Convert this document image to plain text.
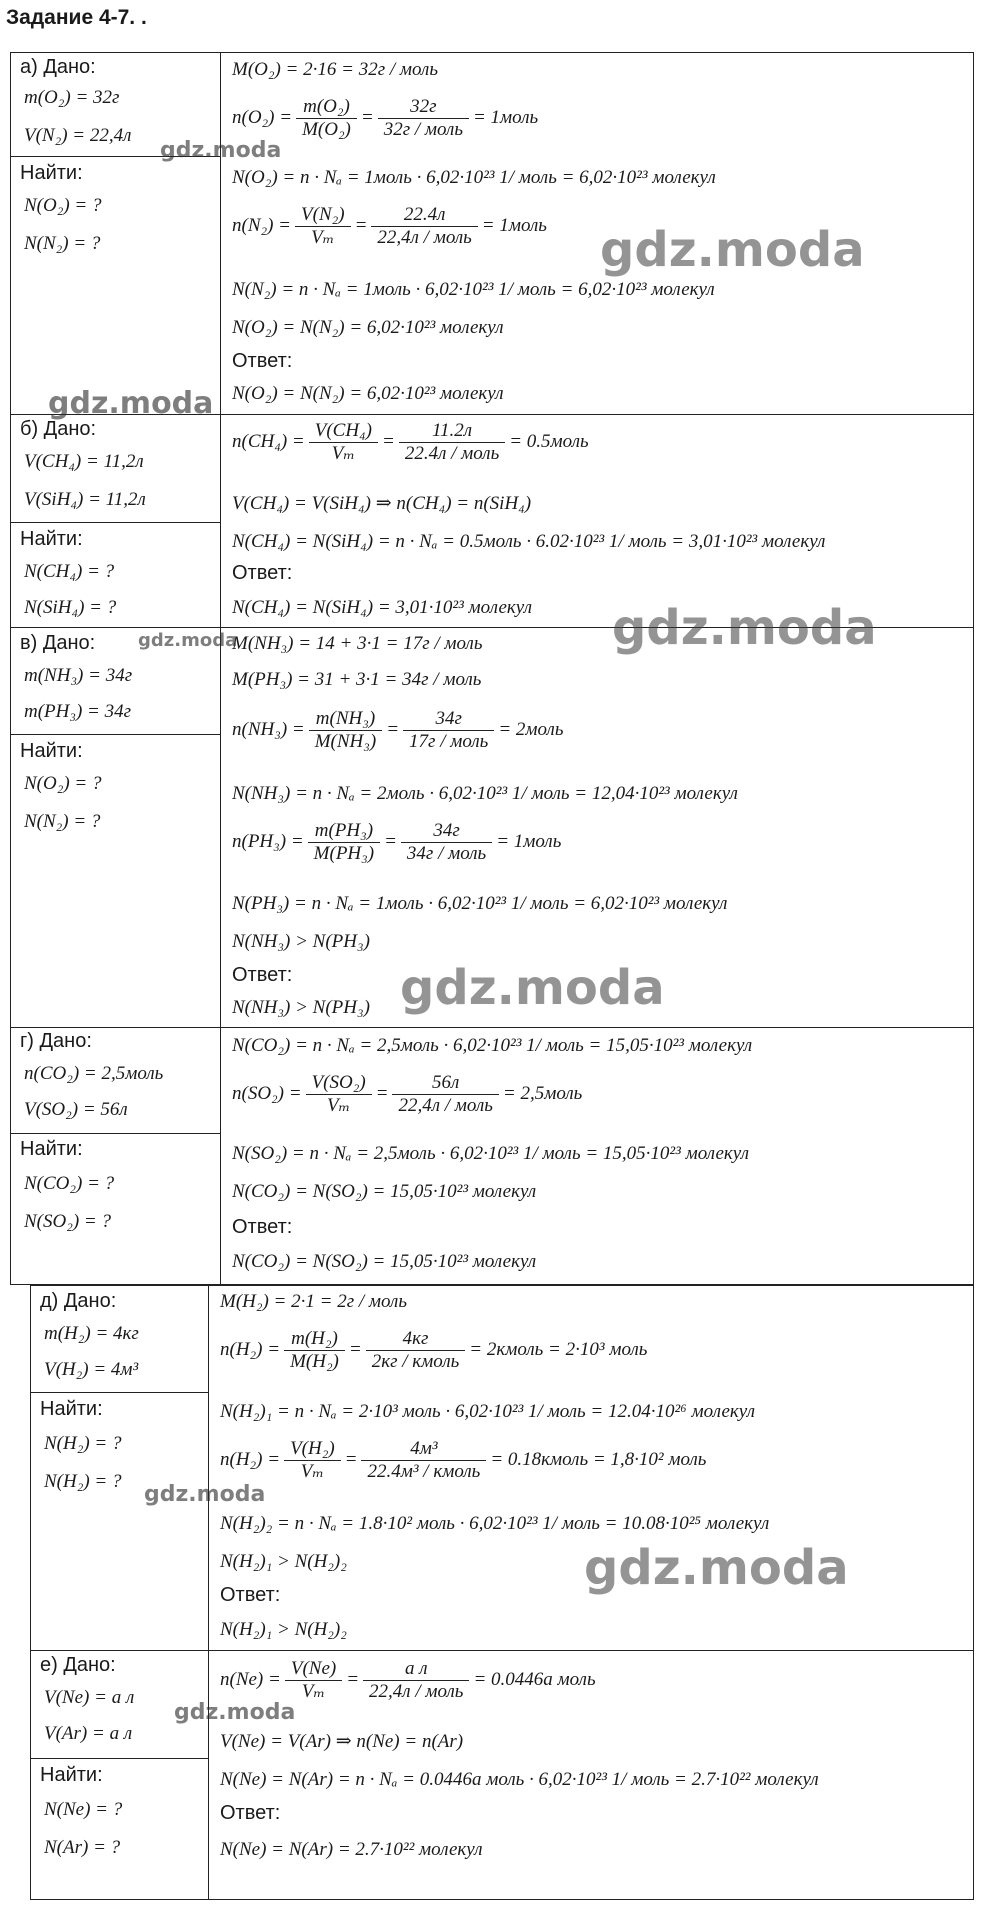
Задание 4-7. .
а) Дано:
m(O₂) = 32г
V(N₂) = 22,4л
Найти:
N(O₂) = ?
N(N₂) = ?
M(O₂) = 2·16 = 32г / моль
$n(O_2) = \frac{\text{m(O₂)}}{\text{M(O₂)}} = \frac{32г}{\text{32г / моль}}$ = 1моль
N(O₂) = n · Nₐ = 1моль · 6,02·10²³ 1/ моль = 6,02·10²³ молекул
$n(N_2) = \frac{\text{V(N₂)}}{\text{Vₘ}} = \frac{22.4л}{\text{22,4л / моль}}$ = 1моль
N(N₂) = n · Nₐ = 1моль · 6,02·10²³ 1/ моль = 6,02·10²³ молекул
N(O₂) = N(N₂) = 6,02·10²³ молекул
Ответ:
N(O₂) = N(N₂) = 6,02·10²³ молекул
б) Дано:
V(CH₄) = 11,2л
V(SiH₄) = 11,2л
Найти:
N(CH₄) = ?
N(SiH₄) = ?
$n(CH_4) = \frac{\text{V(CH₄)}}{\text{Vₘ}} = \frac{11.2л}{\text{22.4л / моль}}$ = 0.5моль
V(CH₄) = V(SiH₄) ⇒ n(CH₄) = n(SiH₄)
N(CH₄) = N(SiH₄) = n · Nₐ = 0.5моль · 6.02·10²³ 1/ моль = 3,01·10²³ молекул
Ответ:
N(CH₄) = N(SiH₄) = 3,01·10²³ молекул
в) Дано:
m(NH₃) = 34г
m(PH₃) = 34г
Найти:
N(O₂) = ?
N(N₂) = ?
M(NH₃) = 14 + 3·1 = 17г / моль
M(PH₃) = 31 + 3·1 = 34г / моль
$n(NH_3) = \frac{\text{m(NH₃)}}{\text{M(NH₃)}} = \frac{34г}{\text{17г / моль}}$ = 2моль
N(NH₃) = n · Nₐ = 2моль · 6,02·10²³ 1/ моль = 12,04·10²³ молекул
$n(PH_3) = \frac{\text{m(PH₃)}}{\text{M(PH₃)}} = \frac{34г}{\text{34г / моль}}$ = 1моль
N(PH₃) = n · Nₐ = 1моль · 6,02·10²³ 1/ моль = 6,02·10²³ молекул
N(NH₃) > N(PH₃)
Ответ:
N(NH₃) > N(PH₃)
г) Дано:
n(CO₂) = 2,5моль
V(SO₂) = 56л
Найти:
N(CO₂) = ?
N(SO₂) = ?
N(CO₂) = n · Nₐ = 2,5моль · 6,02·10²³ 1/ моль = 15,05·10²³ молекул
$n(SO_2) = \frac{\text{V(SO₂)}}{\text{Vₘ}} = \frac{56л}{\text{22,4л / моль}}$ = 2,5моль
N(SO₂) = n · Nₐ = 2,5моль · 6,02·10²³ 1/ моль = 15,05·10²³ молекул
N(CO₂) = N(SO₂) = 15,05·10²³ молекул
Ответ:
N(CO₂) = N(SO₂) = 15,05·10²³ молекул
д) Дано:
m(H₂) = 4кг
V(H₂) = 4м³
Найти:
N(H₂) = ?
N(H₂) = ?
M(H₂) = 2·1 = 2г / моль
$n(H_2) = \frac{\text{m(H₂)}}{\text{M(H₂)}} = \frac{4кг}{\text{2кг / кмоль}}$ = 2кмоль = 2·10³ моль
N(H₂)₁ = n · Nₐ = 2·10³ моль · 6,02·10²³ 1/ моль = 12.04·10²⁶ молекул
$n(H_2) = \frac{\text{V(H₂)}}{\text{Vₘ}} = \frac{\text{4м³}}{\text{22.4м³ / кмоль}}$ = 0.18кмоль = 1,8·10² моль
N(H₂)₂ = n · Nₐ = 1.8·10² моль · 6,02·10²³ 1/ моль = 10.08·10²⁵ молекул
N(H₂)₁ > N(H₂)₂
Ответ:
N(H₂)₁ > N(H₂)₂
е) Дано:
V(Ne) = a л
V(Ar) = a л
Найти:
N(Ne) = ?
N(Ar) = ?
$n(Ne) = \frac{V(Ne)}{\text{Vₘ}} = \frac{\text{a л}}{\text{22,4л / моль}} = 0.0446a$ моль
V(Ne) = V(Ar) ⇒ n(Ne) = n(Ar)
N(Ne) = N(Ar) = n · Nₐ = 0.0446a моль · 6,02·10²³ 1/ моль = 2.7·10²² молекул
Ответ:
N(Ne) = N(Ar) = 2.7·10²² молекул
gdz.moda
gdz.moda
gdz.moda
gdz.moda
gdz.moda
gdz.moda
gdz.moda
gdz.moda
gdz.moda
